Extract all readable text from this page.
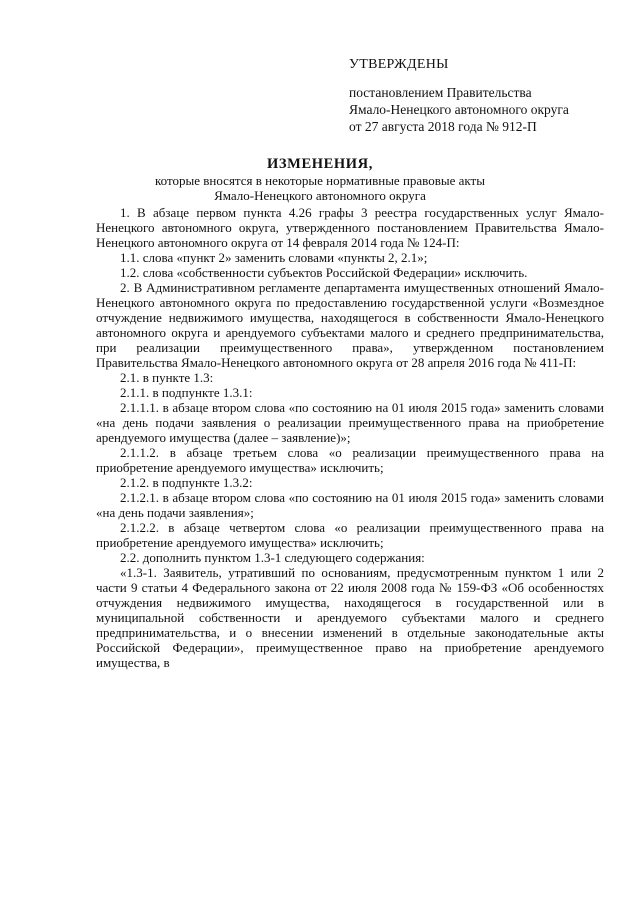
УТВЕРЖДЕНЫ
постановлением Правительства
Ямало-Ненецкого автономного округа
от 27 августа 2018 года № 912-П
ИЗМЕНЕНИЯ,
которые вносятся в некоторые нормативные правовые акты
Ямало-Ненецкого автономного округа

1. В абзаце первом пункта 4.26 графы 3 реестра государственных услуг Ямало-Ненецкого автономного округа, утвержденного постановлением Правительства Ямало-Ненецкого автономного округа от 14 февраля 2014 года № 124-П:

1.1. слова «пункт 2» заменить словами «пункты 2, 2.1»;

1.2. слова «собственности субъектов Российской Федерации» исключить.

2. В Административном регламенте департамента имущественных отношений Ямало-Ненецкого автономного округа по предоставлению государственной услуги «Возмездное отчуждение недвижимого имущества, находящегося в собственности Ямало-Ненецкого автономного округа и арендуемого субъектами малого и среднего предпринимательства, при реализации преимущественного права», утвержденном постановлением Правительства Ямало-Ненецкого автономного округа от 28 апреля 2016 года № 411-П:

2.1. в пункте 1.3:

2.1.1. в подпункте 1.3.1:

2.1.1.1. в абзаце втором слова «по состоянию на 01 июля 2015 года» заменить словами «на день подачи заявления о реализации преимущественного права на приобретение арендуемого имущества (далее – заявление)»;

2.1.1.2. в абзаце третьем слова «о реализации преимущественного права на приобретение арендуемого имущества» исключить;

2.1.2. в подпункте 1.3.2:

2.1.2.1. в абзаце втором слова «по состоянию на 01 июля 2015 года» заменить словами «на день подачи заявления»;

2.1.2.2. в абзаце четвертом слова «о реализации преимущественного права на приобретение арендуемого имущества» исключить;

2.2. дополнить пунктом 1.3-1 следующего содержания:

«1.3-1. Заявитель, утративший по основаниям, предусмотренным пунктом 1 или 2 части 9 статьи 4 Федерального закона от 22 июля 2008 года № 159-ФЗ «Об особенностях отчуждения недвижимого имущества, находящегося в государственной или в муниципальной собственности и арендуемого субъектами малого и среднего предпринимательства, и о внесении изменений в отдельные законодательные акты Российской Федерации», преимущественное право на приобретение арендуемого имущества, в
